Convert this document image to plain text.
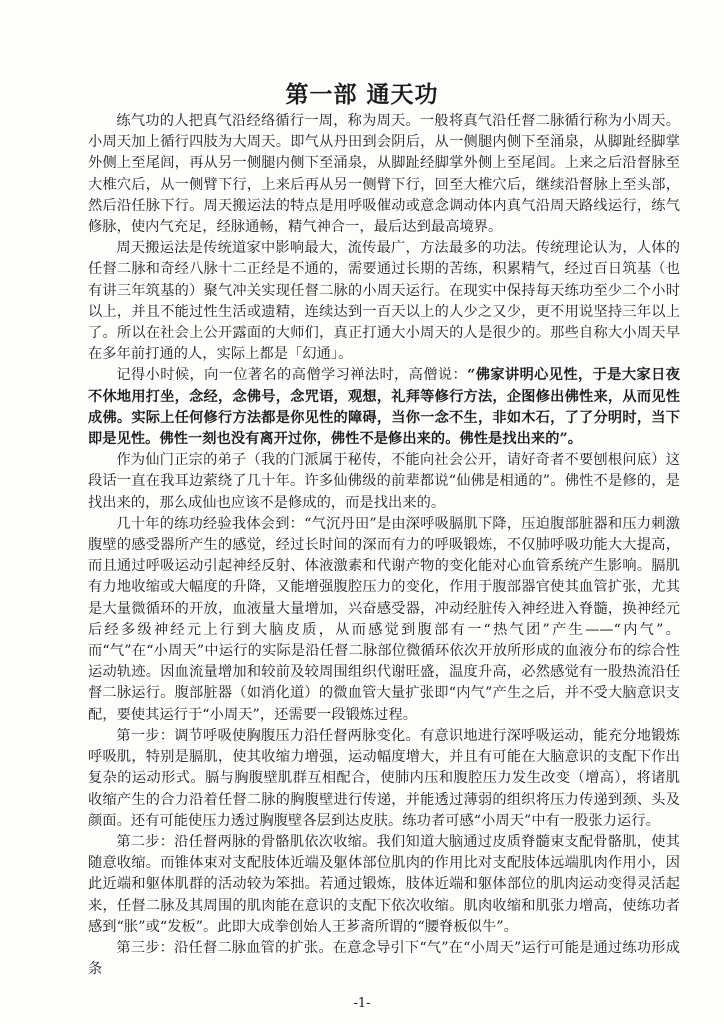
第一部 通天功

练气功的人把真气沿经络循行一周，称为周天。一般将真气沿任督二脉循行称为小周天。小周天加上循行四肢为大周天。即气从丹田到会阴后，从一侧腿内侧下至涌泉，从脚趾经脚掌外侧上至尾闾，再从另一侧腿内侧下至涌泉，从脚趾经脚掌外侧上至尾闾。上来之后沿督脉至大椎穴后，从一侧臂下行，上来后再从另一侧臂下行，回至大椎穴后，继续沿督脉上至头部，然后沿任脉下行。周天搬运法的特点是用呼吸催动或意念调动体内真气沿周天路线运行，练气修脉，使内气充足，经脉通畅，精气神合一，最后达到最高境界。

周天搬运法是传统道家中影响最大，流传最广，方法最多的功法。传统理论认为，人体的任督二脉和奇经八脉十二正经是不通的，需要通过长期的苦练，积累精气，经过百日筑基（也有讲三年筑基的）聚气冲关实现任督二脉的小周天运行。在现实中保持每天练功至少二个小时以上，并且不能过性生活或遗精，连续达到一百天以上的人少之又少，更不用说坚持三年以上了。所以在社会上公开露面的大师们，真正打通大小周天的人是很少的。那些自称大小周天早在多年前打通的人，实际上都是「幻通」。

记得小时候，向一位著名的高僧学习禅法时，高僧说：“佛家讲明心见性，于是大家日夜不休地用打坐，念经，念佛号，念咒语，观想，礼拜等修行方法，企图修出佛性来，从而见性成佛。实际上任何修行方法都是你见性的障碍，当你一念不生，非如木石，了了分明时，当下即是见性。佛性一刻也没有离开过你，佛性不是修出来的。佛性是找出来的”。

作为仙门正宗的弟子（我的门派属于秘传，不能向社会公开，请好奇者不要刨根问底）这段话一直在我耳边萦绕了几十年。许多仙佛级的前辈都说“仙佛是相通的”。佛性不是修的，是找出来的，那么成仙也应该不是修成的，而是找出来的。

几十年的练功经验我体会到：“气沉丹田”是由深呼吸膈肌下降，压迫腹部脏器和压力刺激腹壁的感受器所产生的感觉，经过长时间的深而有力的呼吸锻炼，不仅肺呼吸功能大大提高，而且通过呼吸运动引起神经反射、体液激素和代谢产物的变化能对心血管系统产生影响。膈肌有力地收缩或大幅度的升降，又能增强腹腔压力的变化，作用于腹部器官使其血管扩张，尤其是大量微循环的开放，血液量大量增加，兴奋感受器，冲动经脏传入神经进入脊髓，换神经元后经多级神经元上行到大脑皮质，从而感觉到腹部有一“热气团”产生——“内气”。而“气”在“小周天”中运行的实际是沿任督二脉部位微循环依次开放所形成的血液分布的综合性运动轨迹。因血流量增加和较前及较周围组织代谢旺盛，温度升高，必然感觉有一股热流沿任督二脉运行。腹部脏器（如消化道）的微血管大量扩张即“内气”产生之后，并不受大脑意识支配，要使其运行于“小周天”，还需要一段锻炼过程。

第一步：调节呼吸使胸腹压力沿任督两脉变化。有意识地进行深呼吸运动，能充分地锻炼呼吸肌，特别是膈肌，使其收缩力增强，运动幅度增大，并且有可能在大脑意识的支配下作出复杂的运动形式。膈与胸腹壁肌群互相配合，使肺内压和腹腔压力发生改变（增高），将诸肌收缩产生的合力沿着任督二脉的胸腹壁进行传递，并能透过薄弱的组织将压力传递到颈、头及颜面。还有可能使压力透过胸腹壁各层到达皮肤。练功者可感“小周天”中有一股张力运行。

第二步：沿任督两脉的骨骼肌依次收缩。我们知道大脑通过皮质脊髓束支配骨骼肌，使其随意收缩。而锥体束对支配肢体近端及躯体部位肌肉的作用比对支配肢体远端肌肉作用小，因此近端和躯体肌群的活动较为笨拙。若通过锻炼，肢体近端和躯体部位的肌肉运动变得灵活起来，任督二脉及其周围的肌肉能在意识的支配下依次收缩。肌肉收缩和肌张力增高，使练功者感到“胀”或“发板”。此即大成拳创始人王芗斋所谓的“腰脊板似牛”。

第三步：沿任督二脉血管的扩张。在意念导引下“气”在“小周天”运行可能是通过练功形成条

-1-
